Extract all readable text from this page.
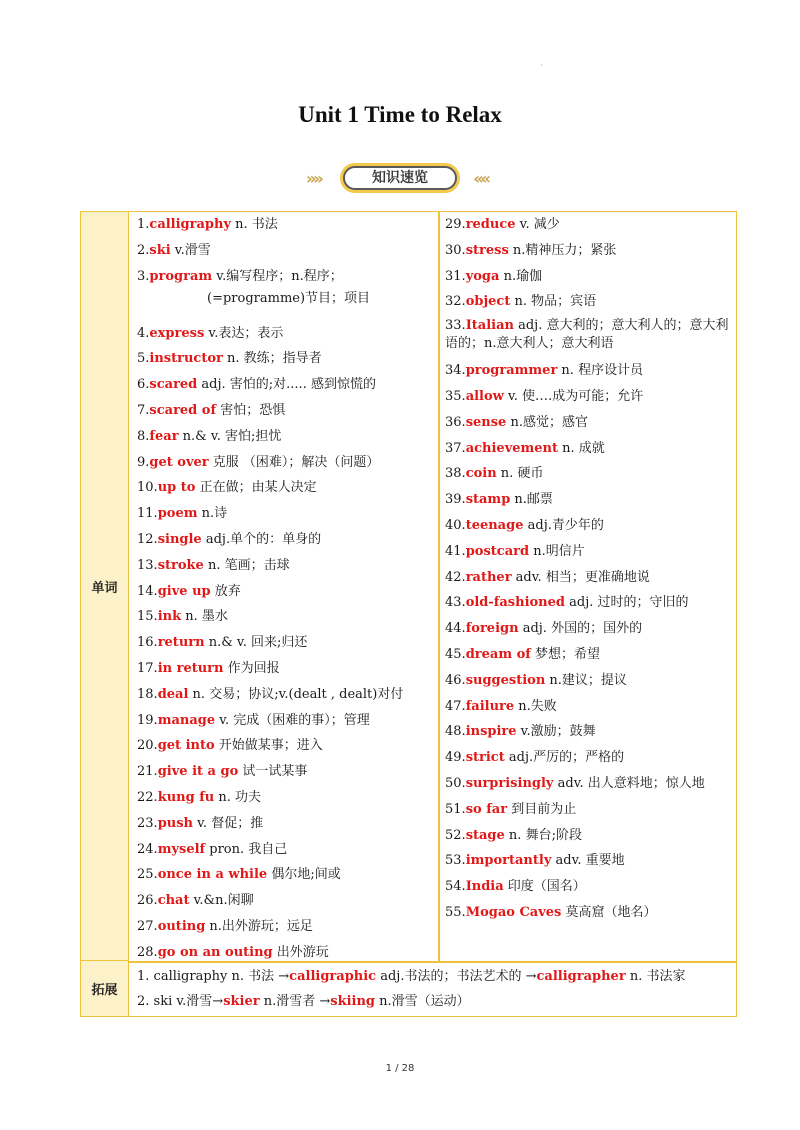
'
Unit 1 Time to Relax
»»	知识速览	««
单词
1.calligraphy n. 书法
2.ski v.滑雪
3.program v.编写程序；n.程序；
(=programme)节目；项目
4.express v.表达；表示
5.instructor n. 教练；指导者
6.scared adj. 害怕的;对..... 感到惊慌的
7.scared of 害怕；恐惧
8.fear n.& v. 害怕;担忧
9.get over 克服 （困难）；解决（问题）
10.up to 正在做；由某人决定
11.poem n.诗
12.single adj.单个的：单身的
13.stroke n. 笔画；击球
14.give up 放弃
15.ink n. 墨水
16.return n.& v. 回来;归还
17.in return 作为回报
18.deal n. 交易；协议;v.(dealt , dealt)对付
19.manage v. 完成（困难的事）；管理
20.get into 开始做某事；进入
21.give it a go 试一试某事
22.kung fu n. 功夫
23.push v. 督促；推
24.myself pron. 我自己
25.once in a while 偶尔地;间或
26.chat v.&n.闲聊
27.outing n.出外游玩；远足
28.go on an outing 出外游玩
29.reduce v. 减少
30.stress n.精神压力；紧张
31.yoga n.瑜伽
32.object n. 物品；宾语
33.Italian adj. 意大利的；意大利人的；意大利语的；n.意大利人；意大利语
34.programmer n. 程序设计员
35.allow v. 使….成为可能；允许
36.sense n.感觉；感官
37.achievement n. 成就
38.coin n. 硬币
39.stamp n.邮票
40.teenage adj.青少年的
41.postcard n.明信片
42.rather adv. 相当；更准确地说
43.old-fashioned adj. 过时的；守旧的
44.foreign adj. 外国的；国外的
45.dream of 梦想；希望
46.suggestion n.建议；提议
47.failure n.失败
48.inspire v.激励；鼓舞
49.strict adj.严厉的；严格的
50.surprisingly adv. 出人意料地；惊人地
51.so far 到目前为止
52.stage n. 舞台;阶段
53.importantly adv. 重要地
54.India 印度（国名）
55.Mogao Caves 莫高窟（地名）
拓展
1. calligraphy n. 书法 →calligraphic adj.书法的；书法艺术的 →calligrapher n. 书法家
2. ski v.滑雪→skier n.滑雪者 →skiing n.滑雪（运动）
1 / 28
